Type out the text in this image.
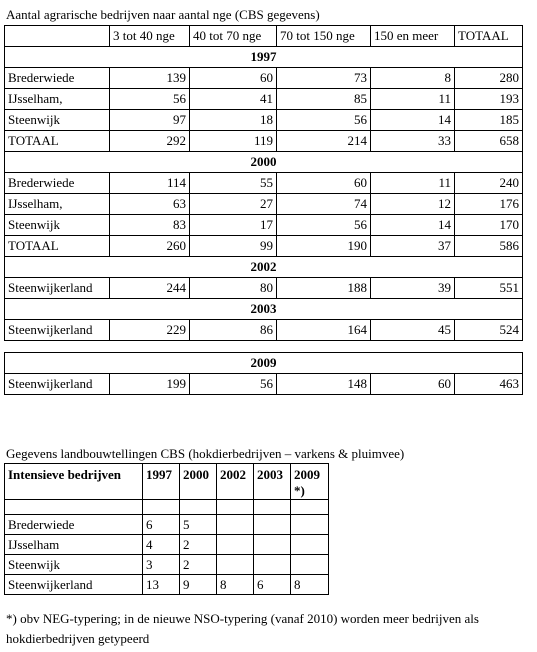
Aantal agrarische bedrijven naar aantal nge (CBS gegevens)
	3 tot 40 nge	40 tot 70 nge	70 tot 150 nge	150 en meer	TOTAAL
1997					
Brederwiede	139	60	73	8	280
IJsselham,	56	41	85	11	193
Steenwijk	97	18	56	14	185
TOTAAL	292	119	214	33	658
2000					
Brederwiede	114	55	60	11	240
IJsselham,	63	27	74	12	176
Steenwijk	83	17	56	14	170
TOTAAL	260	99	190	37	586
2002					
Steenwijkerland	244	80	188	39	551
2003					
Steenwijkerland	229	86	164	45	524

2009					
Steenwijkerland	199	56	148	60	463
Gegevens landbouwtellingen CBS (hokdierbedrijven – varkens & pluimvee)
Intensieve bedrijven	1997	2000	2002	2003	2009
*)

Brederwiede	6	5			
IJsselham	4	2			
Steenwijk	3	2			
Steenwijkerland	13	9	8	6	8
*) obv NEG-typering; in de nieuwe NSO-typering (vanaf 2010) worden meer bedrijven als
hokdierbedrijven getypeerd
